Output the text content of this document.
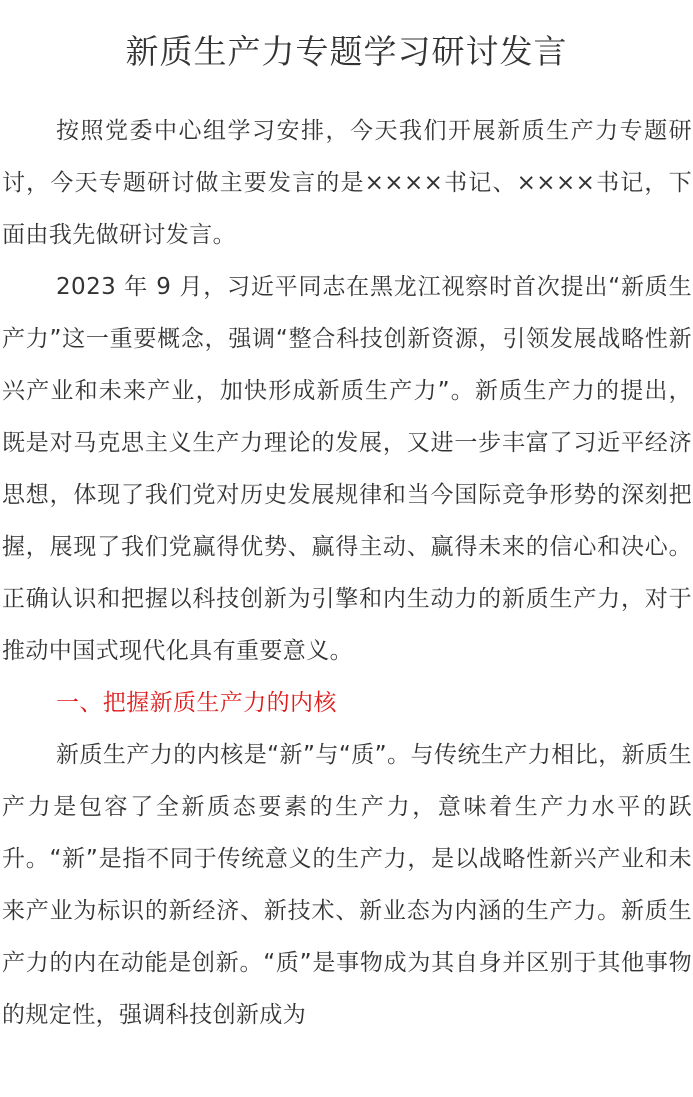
新质生产力专题学习研讨发言

按照党委中心组学习安排，今天我们开展新质生产力专题研讨，今天专题研讨做主要发言的是××××书记、××××书记，下面由我先做研讨发言。

2023 年 9 月，习近平同志在黑龙江视察时首次提出“新质生产力”这一重要概念，强调“整合科技创新资源，引领发展战略性新兴产业和未来产业，加快形成新质生产力”。新质生产力的提出，既是对马克思主义生产力理论的发展，又进一步丰富了习近平经济思想，体现了我们党对历史发展规律和当今国际竞争形势的深刻把握，展现了我们党赢得优势、赢得主动、赢得未来的信心和决心。正确认识和把握以科技创新为引擎和内生动力的新质生产力，对于推动中国式现代化具有重要意义。

一、把握新质生产力的内核

新质生产力的内核是“新”与“质”。与传统生产力相比，新质生产力是包容了全新质态要素的生产力，意味着生产力水平的跃升。“新”是指不同于传统意义的生产力，是以战略性新兴产业和未来产业为标识的新经济、新技术、新业态为内涵的生产力。新质生产力的内在动能是创新。“质”是事物成为其自身并区别于其他事物的规定性，强调科技创新成为
